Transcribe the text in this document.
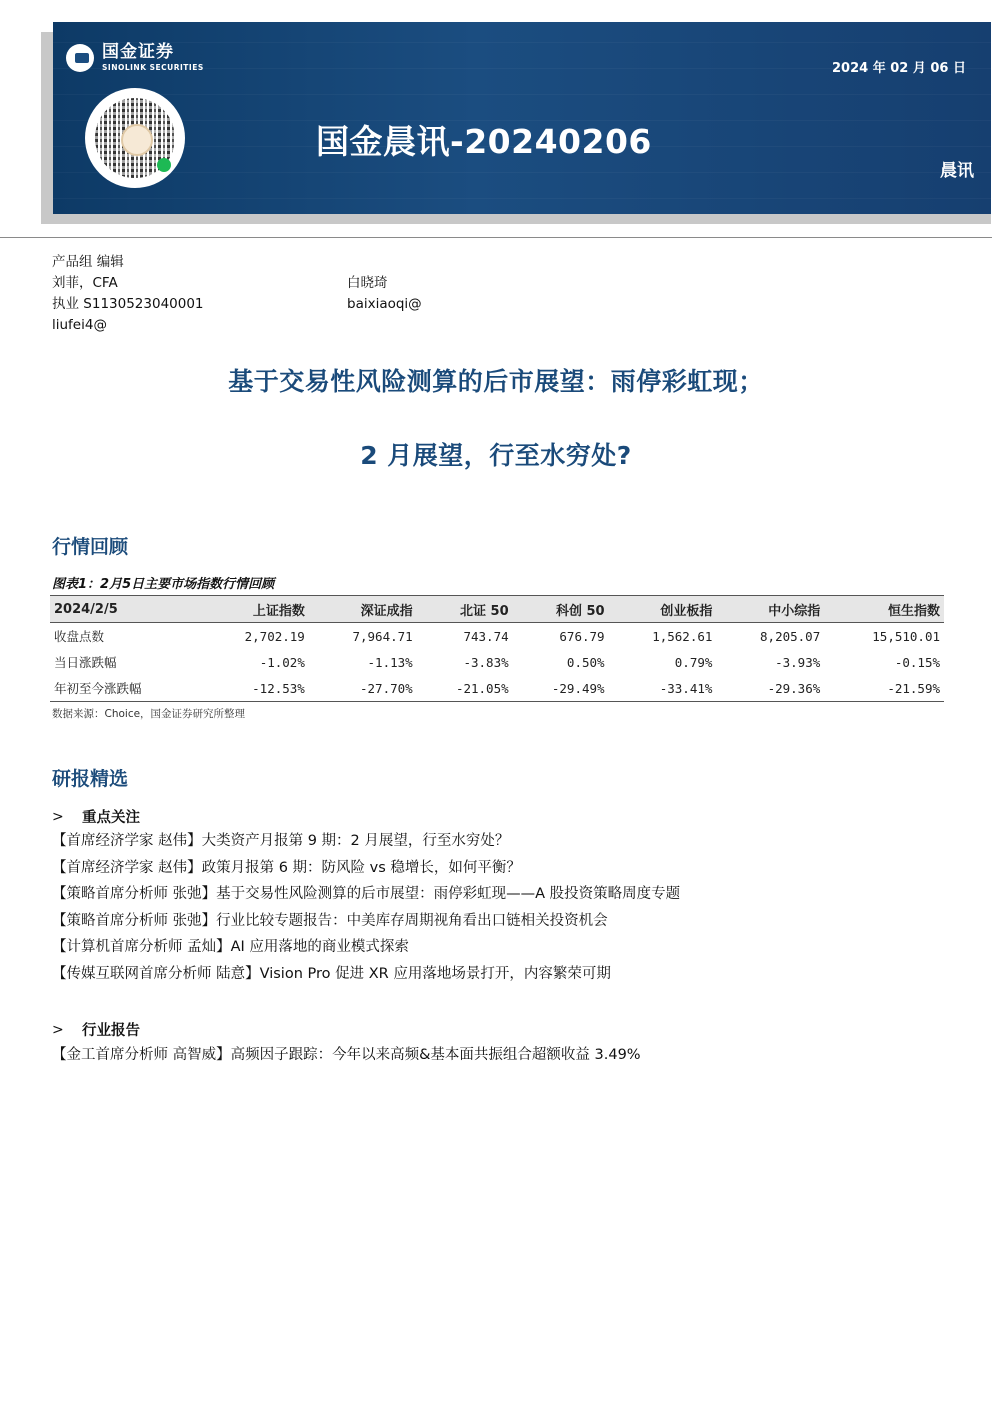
国金证券
SINOLINK SECURITIES	2024 年 02 月 06 日
国金晨讯-20240206
晨讯
产品组 编辑
刘菲，CFA
执业 S1130523040001
liufei4@
白晓琦
baixiaoqi@
基于交易性风险测算的后市展望：雨停彩虹现；
2 月展望，行至水穷处?
行情回顾
图表1：2月5日主要市场指数行情回顾
2024/2/5	上证指数	深证成指	北证 50	科创 50	创业板指	中小综指	恒生指数
收盘点数	2,702.19	7,964.71	743.74	676.79	1,562.61	8,205.07	15,510.01
当日涨跌幅	-1.02%	-1.13%	-3.83%	0.50%	0.79%	-3.93%	-0.15%
年初至今涨跌幅	-12.53%	-27.70%	-21.05%	-29.49%	-33.41%	-29.36%	-21.59%
数据来源：Choice，国金证券研究所整理
研报精选
>	重点关注
【首席经济学家 赵伟】大类资产月报第 9 期：2 月展望，行至水穷处？
【首席经济学家 赵伟】政策月报第 6 期：防风险 vs 稳增长，如何平衡？
【策略首席分析师 张弛】基于交易性风险测算的后市展望：雨停彩虹现——A 股投资策略周度专题
【策略首席分析师 张弛】行业比较专题报告：中美库存周期视角看出口链相关投资机会
【计算机首席分析师 孟灿】AI 应用落地的商业模式探索
【传媒互联网首席分析师 陆意】Vision Pro 促进 XR 应用落地场景打开，内容繁荣可期
>	行业报告
【金工首席分析师 高智威】高频因子跟踪：今年以来高频&基本面共振组合超额收益 3.49%
